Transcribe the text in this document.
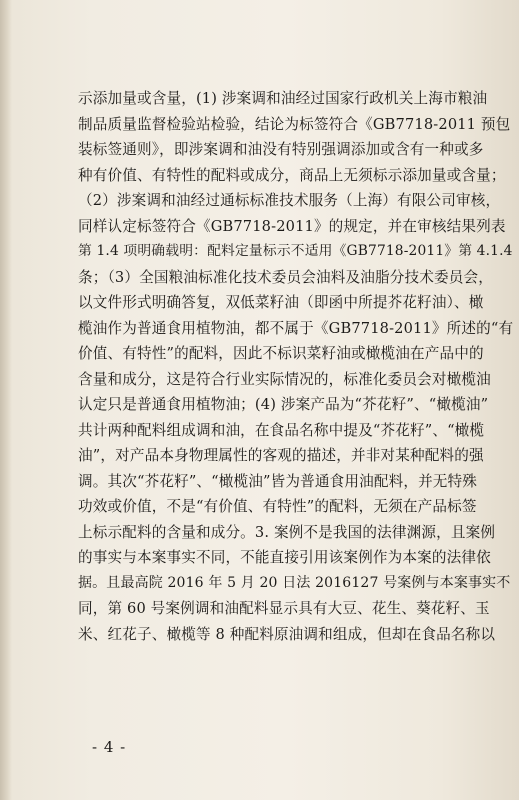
示添加量或含量，(1) 涉案调和油经过国家行政机关上海市粮油
制品质量监督检验站检验，结论为标签符合《GB7718-2011 预包
装标签通则》，即涉案调和油没有特别强调添加或含有一种或多
种有价值、有特性的配料或成分，商品上无须标示添加量或含量；
（2）涉案调和油经过通标标准技术服务（上海）有限公司审核，
同样认定标签符合《GB7718-2011》的规定，并在审核结果列表
第 1.4 项明确载明：配料定量标示不适用《GB7718-2011》第 4.1.4
条；（3）全国粮油标准化技术委员会油料及油脂分技术委员会，
以文件形式明确答复，双低菜籽油（即函中所提芥花籽油）、橄
榄油作为普通食用植物油，都不属于《GB7718-2011》所述的“有
价值、有特性”的配料，因此不标识菜籽油或橄榄油在产品中的
含量和成分，这是符合行业实际情况的，标准化委员会对橄榄油
认定只是普通食用植物油；(4) 涉案产品为“芥花籽”、“橄榄油”
共计两种配料组成调和油，在食品名称中提及“芥花籽”、“橄榄
油”，对产品本身物理属性的客观的描述，并非对某种配料的强
调。其次“芥花籽”、“橄榄油”皆为普通食用油配料，并无特殊
功效或价值，不是“有价值、有特性”的配料，无须在产品标签
上标示配料的含量和成分。3. 案例不是我国的法律渊源，且案例
的事实与本案事实不同，不能直接引用该案例作为本案的法律依
据。且最高院 2016 年 5 月 20 日法 2016127 号案例与本案事实不
同，第 60 号案例调和油配料显示具有大豆、花生、葵花籽、玉
米、红花子、橄榄等 8 种配料原油调和组成，但却在食品名称以
- 4 -
